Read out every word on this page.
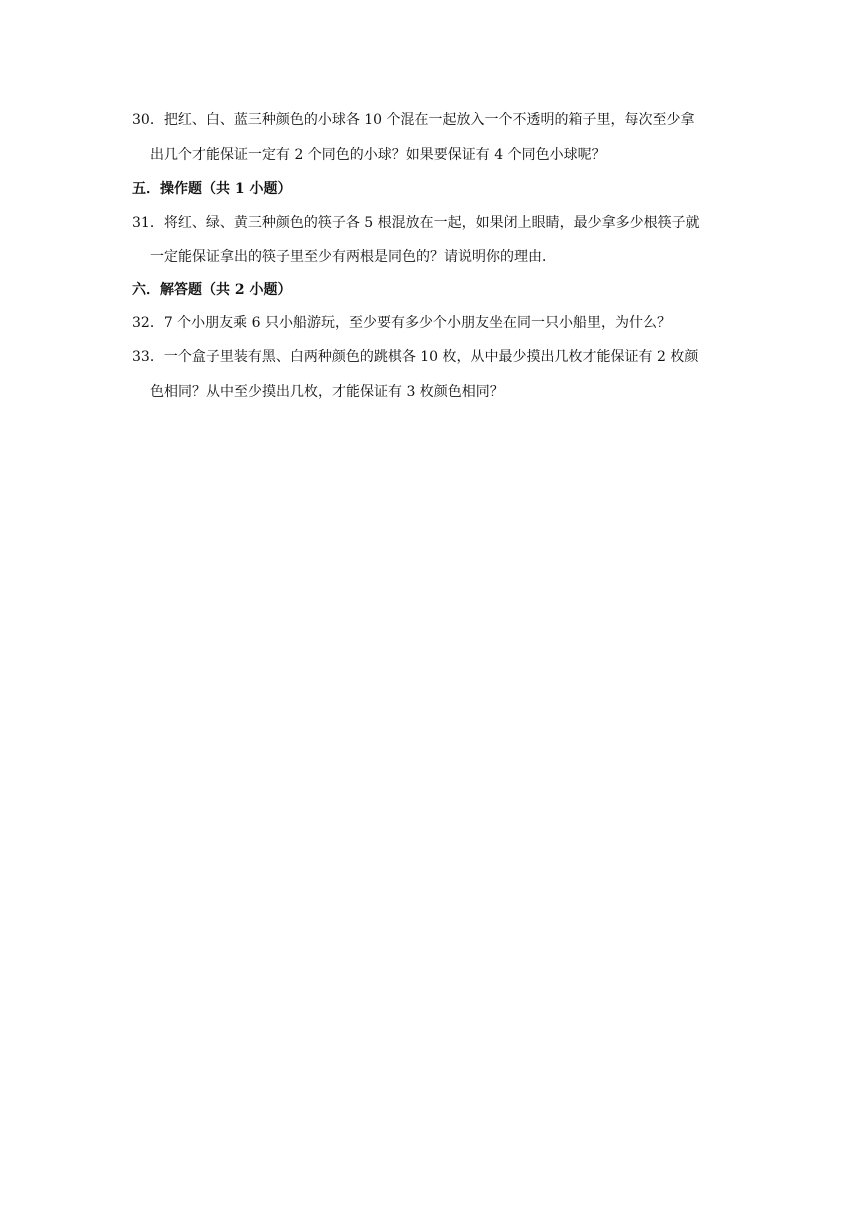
30．把红、白、蓝三种颜色的小球各 10 个混在一起放入一个不透明的箱子里，每次至少拿
出几个才能保证一定有 2 个同色的小球？如果要保证有 4 个同色小球呢？
五．操作题（共 1 小题）
31．将红、绿、黄三种颜色的筷子各 5 根混放在一起，如果闭上眼睛，最少拿多少根筷子就
一定能保证拿出的筷子里至少有两根是同色的？请说明你的理由．
六．解答题（共 2 小题）
32．7 个小朋友乘 6 只小船游玩，至少要有多少个小朋友坐在同一只小船里，为什么？
33．一个盒子里装有黑、白两种颜色的跳棋各 10 枚，从中最少摸出几枚才能保证有 2 枚颜
色相同？从中至少摸出几枚，才能保证有 3 枚颜色相同？
